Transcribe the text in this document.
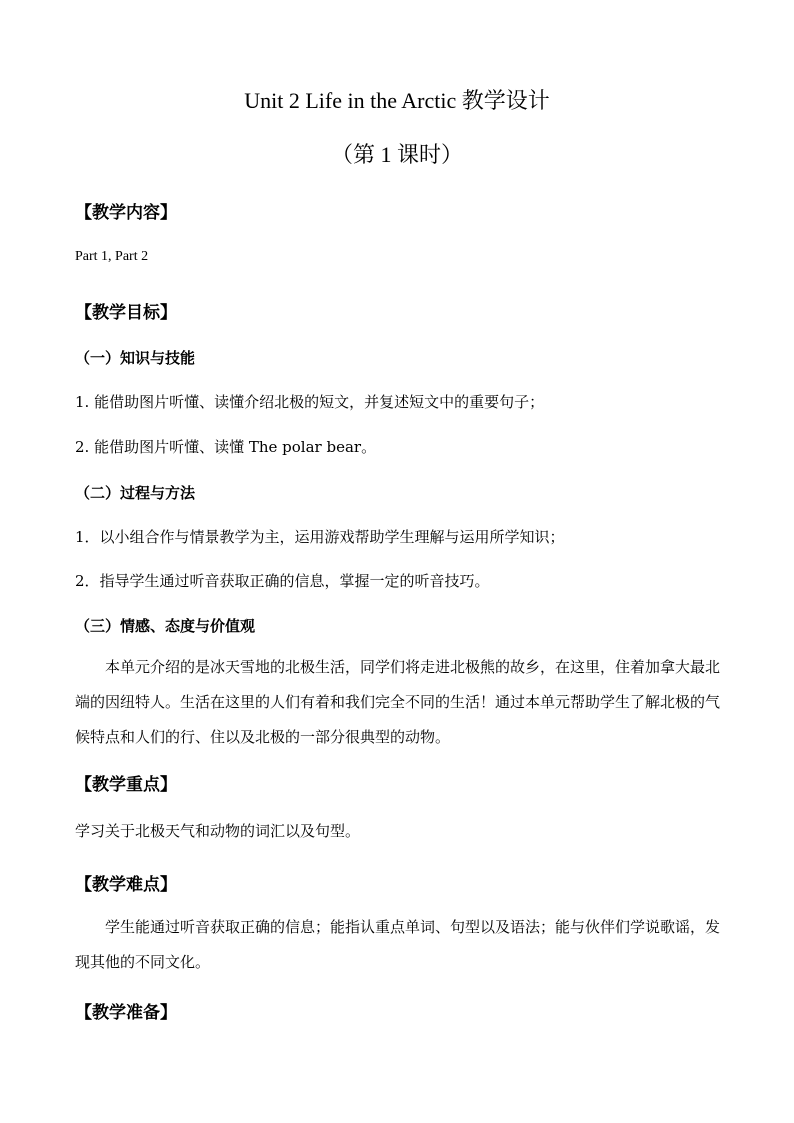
Unit 2 Life in the Arctic 教学设计
（第 1 课时）
【教学内容】
Part 1, Part 2
【教学目标】
（一）知识与技能
1. 能借助图片听懂、读懂介绍北极的短文，并复述短文中的重要句子；
2. 能借助图片听懂、读懂 The polar bear。
（二）过程与方法
1．以小组合作与情景教学为主，运用游戏帮助学生理解与运用所学知识；
2．指导学生通过听音获取正确的信息，掌握一定的听音技巧。
（三）情感、态度与价值观
本单元介绍的是冰天雪地的北极生活，同学们将走进北极熊的故乡，在这里，住着加拿大最北端的因纽特人。生活在这里的人们有着和我们完全不同的生活！通过本单元帮助学生了解北极的气候特点和人们的行、住以及北极的一部分很典型的动物。
【教学重点】
学习关于北极天气和动物的词汇以及句型。
【教学难点】
学生能通过听音获取正确的信息；能指认重点单词、句型以及语法；能与伙伴们学说歌谣，发现其他的不同文化。
【教学准备】
